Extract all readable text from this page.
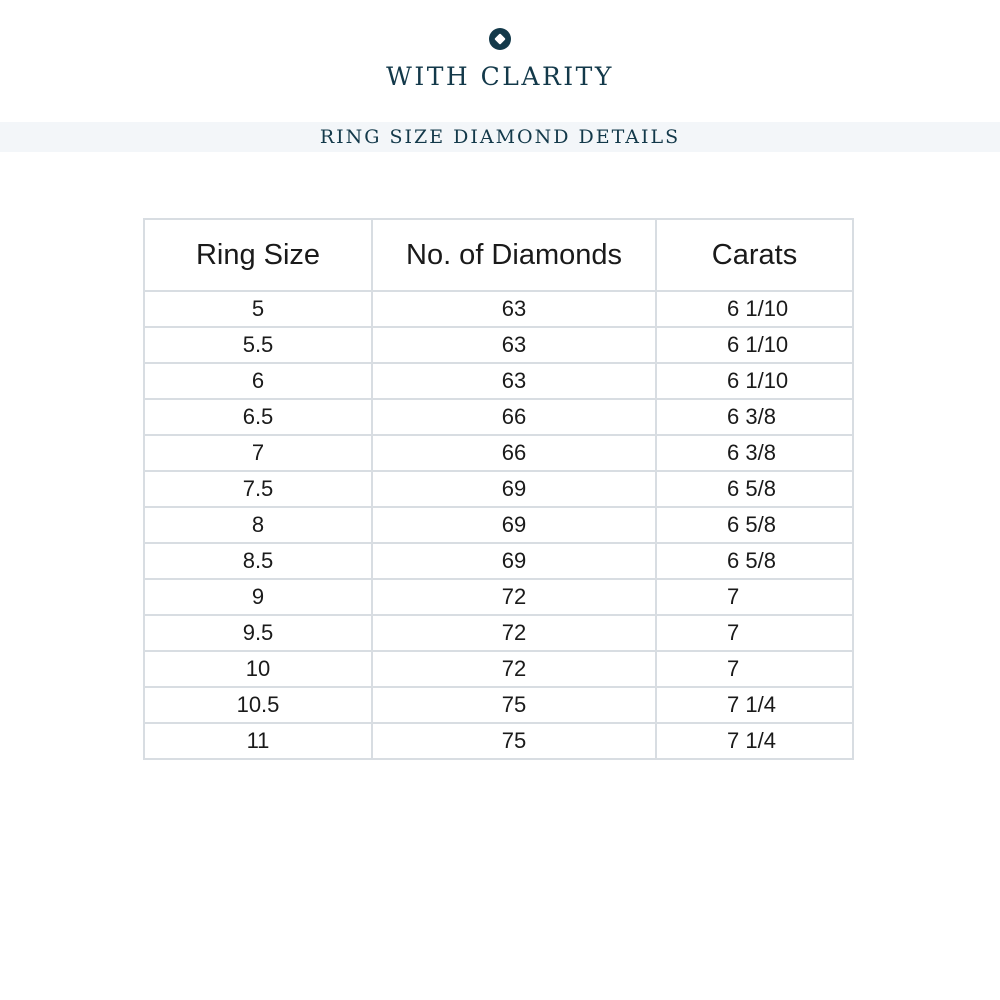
WITH CLARITY
RING SIZE DIAMOND DETAILS
Ring Size	No. of Diamonds	Carats
5	63	6 1/10
5.5	63	6 1/10
6	63	6 1/10
6.5	66	6 3/8
7	66	6 3/8
7.5	69	6 5/8
8	69	6 5/8
8.5	69	6 5/8
9	72	7
9.5	72	7
10	72	7
10.5	75	7 1/4
11	75	7 1/4
